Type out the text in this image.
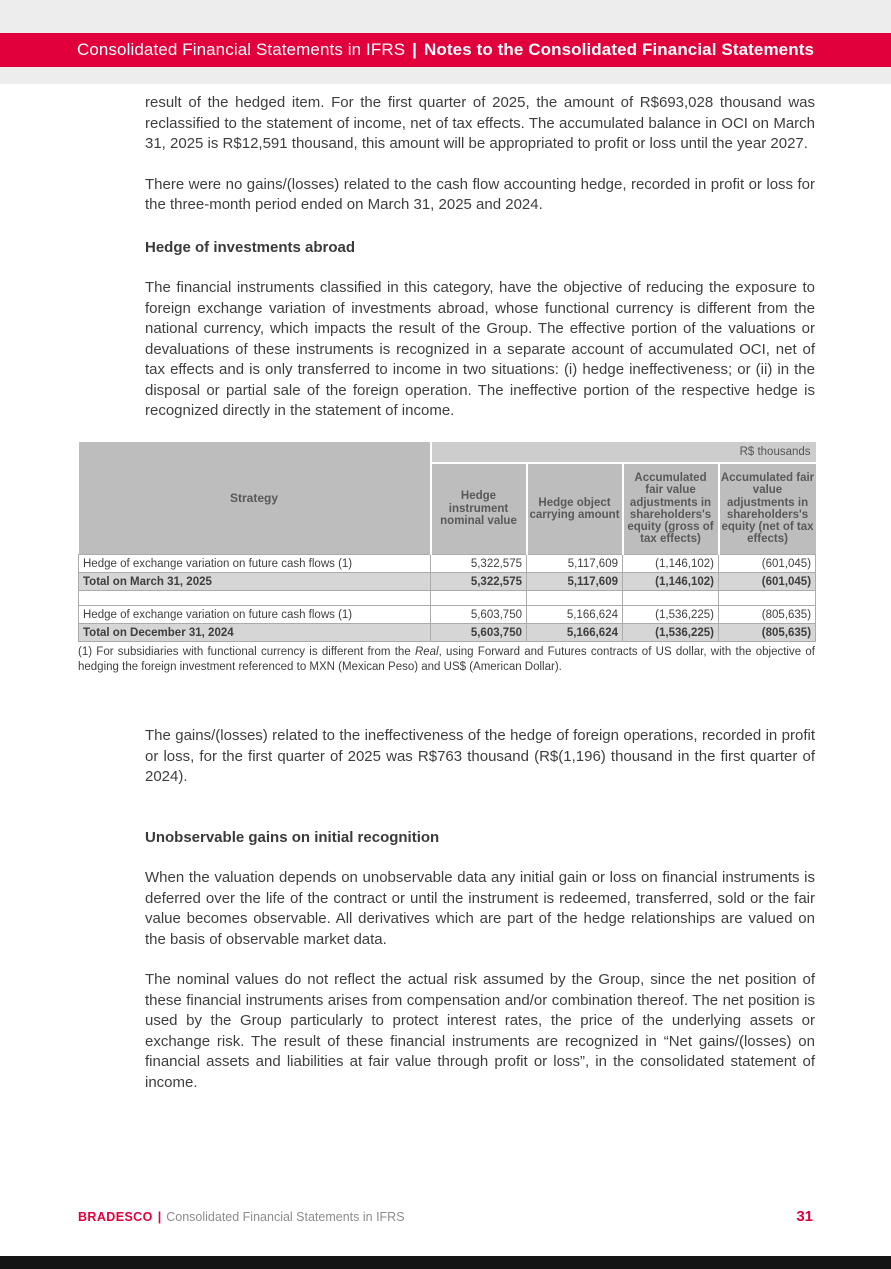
Consolidated Financial Statements in IFRS | Notes to the Consolidated Financial Statements

result of the hedged item. For the first quarter of 2025, the amount of R$693,028 thousand was reclassified to the statement of income, net of tax effects. The accumulated balance in OCI on March 31, 2025 is R$12,591 thousand, this amount will be appropriated to profit or loss until the year 2027.

There were no gains/(losses) related to the cash flow accounting hedge, recorded in profit or loss for the three-month period ended on March 31, 2025 and 2024.

Hedge of investments abroad

The financial instruments classified in this category, have the objective of reducing the exposure to foreign exchange variation of investments abroad, whose functional currency is different from the national currency, which impacts the result of the Group. The effective portion of the valuations or devaluations of these instruments is recognized in a separate account of accumulated OCI, net of tax effects and is only transferred to income in two situations: (i) hedge ineffectiveness; or (ii) in the disposal or partial sale of the foreign operation. The ineffective portion of the respective hedge is recognized directly in the statement of income.

Strategy	R$ thousands			
	Hedge instrument nominal value	Hedge object carrying amount	Accumulated fair value adjustments in shareholders's equity (gross of tax effects)	Accumulated fair value adjustments in shareholders's equity (net of tax effects)
Hedge of exchange variation on future cash flows (1)	5,322,575	5,117,609	(1,146,102)	(601,045)
Total on March 31, 2025	5,322,575	5,117,609	(1,146,102)	(601,045)

Hedge of exchange variation on future cash flows (1)	5,603,750	5,166,624	(1,536,225)	(805,635)
Total on December 31, 2024	5,603,750	5,166,624	(1,536,225)	(805,635)
(1) For subsidiaries with functional currency is different from the Real, using Forward and Futures contracts of US dollar, with the objective of hedging the foreign investment referenced to MXN (Mexican Peso) and US$ (American Dollar).

The gains/(losses) related to the ineffectiveness of the hedge of foreign operations, recorded in profit or loss, for the first quarter of 2025 was R$763 thousand (R$(1,196) thousand in the first quarter of 2024).

Unobservable gains on initial recognition

When the valuation depends on unobservable data any initial gain or loss on financial instruments is deferred over the life of the contract or until the instrument is redeemed, transferred, sold or the fair value becomes observable. All derivatives which are part of the hedge relationships are valued on the basis of observable market data.

The nominal values do not reflect the actual risk assumed by the Group, since the net position of these financial instruments arises from compensation and/or combination thereof. The net position is used by the Group particularly to protect interest rates, the price of the underlying assets or exchange risk. The result of these financial instruments are recognized in “Net gains/(losses) on financial assets and liabilities at fair value through profit or loss”, in the consolidated statement of income.

BRADESCO | Consolidated Financial Statements in IFRS	31
